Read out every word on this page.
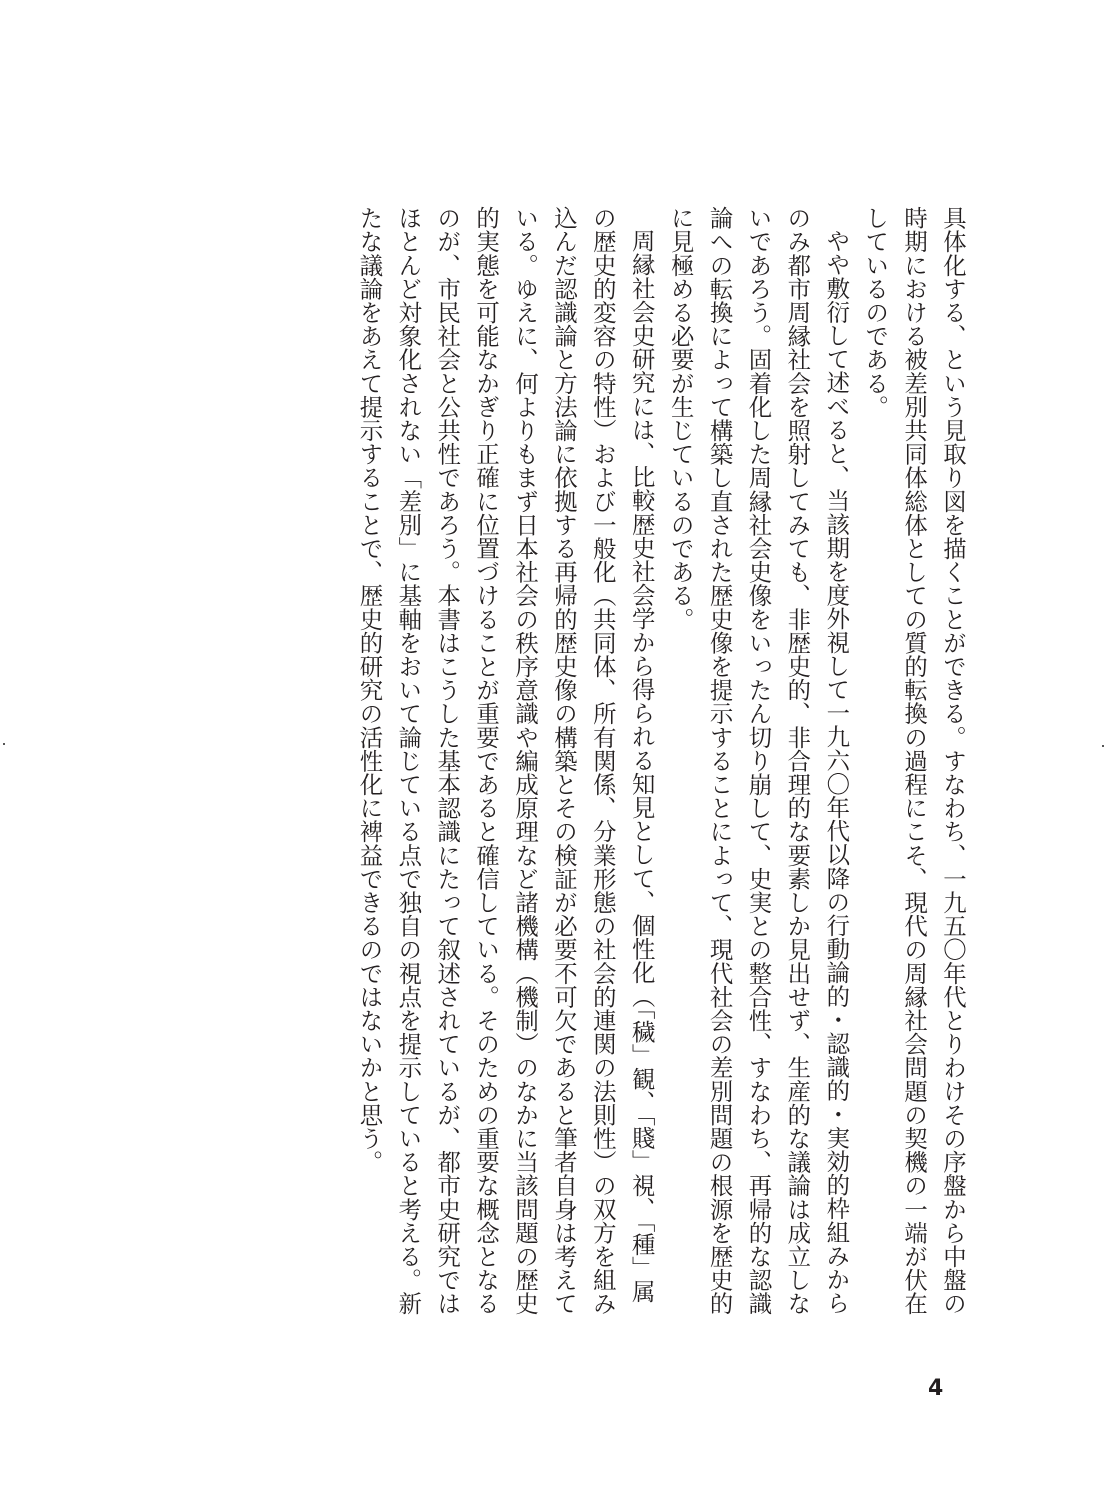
具体化する、という見取り図を描くことができる。すなわち、一九五〇年代とりわけその序盤から中盤の時期における被差別共同体総体としての質的転換の過程にこそ、現代の周縁社会問題の契機の一端が伏在しているのである。

やや敷衍して述べると、当該期を度外視して一九六〇年代以降の行動論的・認識的・実効的枠組みからのみ都市周縁社会を照射してみても、非歴史的、非合理的な要素しか見出せず、生産的な議論は成立しないであろう。固着化した周縁社会史像をいったん切り崩して、史実との整合性、すなわち、再帰的な認識論への転換によって構築し直された歴史像を提示することによって、現代社会の差別問題の根源を歴史的に見極める必要が生じているのである。

周縁社会史研究には、比較歴史社会学から得られる知見として、個性化（「穢」観、「賤」視、「種」属の歴史的変容の特性）および一般化（共同体、所有関係、分業形態の社会的連関の法則性）の双方を組み込んだ認識論と方法論に依拠する再帰的歴史像の構築とその検証が必要不可欠であると筆者自身は考えている。ゆえに、何よりもまず日本社会の秩序意識や編成原理など諸機構（機制）のなかに当該問題の歴史的実態を可能なかぎり正確に位置づけることが重要であると確信している。そのための重要な概念となるのが、市民社会と公共性であろう。本書はこうした基本認識にたって叙述されているが、都市史研究ではほとんど対象化されない「差別」に基軸をおいて論じている点で独自の視点を提示していると考える。新たな議論をあえて提示することで、歴史的研究の活性化に裨益できるのではないかと思う。

4
